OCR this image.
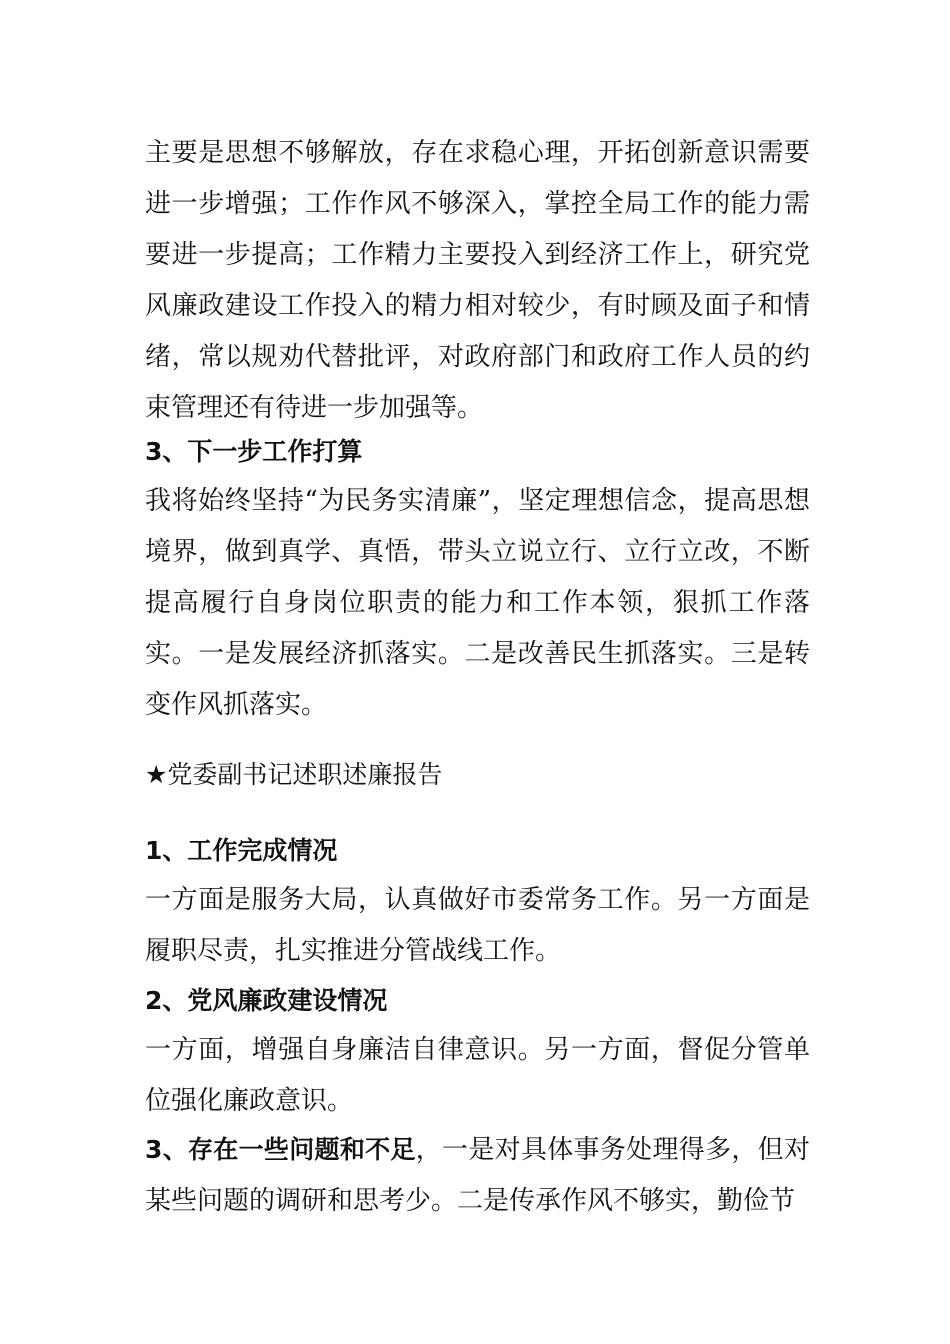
主要是思想不够解放，存在求稳心理，开拓创新意识需要进一步增强；工作作风不够深入，掌控全局工作的能力需要进一步提高；工作精力主要投入到经济工作上，研究党风廉政建设工作投入的精力相对较少，有时顾及面子和情绪，常以规劝代替批评，对政府部门和政府工作人员的约束管理还有待进一步加强等。
3、下一步工作打算
我将始终坚持“为民务实清廉”，坚定理想信念，提高思想境界，做到真学、真悟，带头立说立行、立行立改，不断提高履行自身岗位职责的能力和工作本领，狠抓工作落实。一是发展经济抓落实。二是改善民生抓落实。三是转变作风抓落实。
★党委副书记述职述廉报告
1、工作完成情况
一方面是服务大局，认真做好市委常务工作。另一方面是履职尽责，扎实推进分管战线工作。
2、党风廉政建设情况
一方面，增强自身廉洁自律意识。另一方面，督促分管单位强化廉政意识。
3、存在一些问题和不足，一是对具体事务处理得多，但对某些问题的调研和思考少。二是传承作风不够实，勤俭节
